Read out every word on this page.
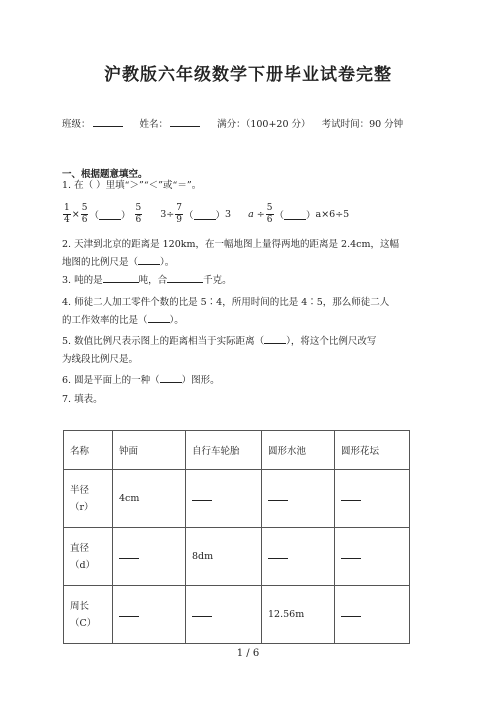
沪教版六年级数学下册毕业试卷完整
班级：	姓名：	满分：（100+20 分） 考试时间：90 分钟
一、根据题意填空。
1. 在（ ）里填“＞”“＜”或“＝”。
$\frac{1}{4} \times \frac{5}{6}$ （ ） $\frac{5}{6} 3\div \frac{7}{9}$ （ ）3 $a \div \frac{5}{6}$ （ ）a×6÷5
2. 天津到北京的距离是 120km，在一幅地图上量得两地的距离是 2.4cm，这幅
地图的比例尺是（ ）。
3. 吨的是	吨，合	千克。
4. 师徒二人加工零件个数的比是 5∶4，所用时间的比是 4∶5，那么师徒二人
的工作效率的比是（ ）。
5. 数值比例尺表示图上的距离相当于实际距离（ ），将这个比例尺改写
为线段比例尺是。
6. 圆是平面上的一种（ ）图形。
7. 填表。
名称	钟面	自行车轮胎	圆形水池	圆形花坛

半径
（r）	4cm			

直径
（d）		8dm		

周长
（C）			12.56m	
1 / 6
